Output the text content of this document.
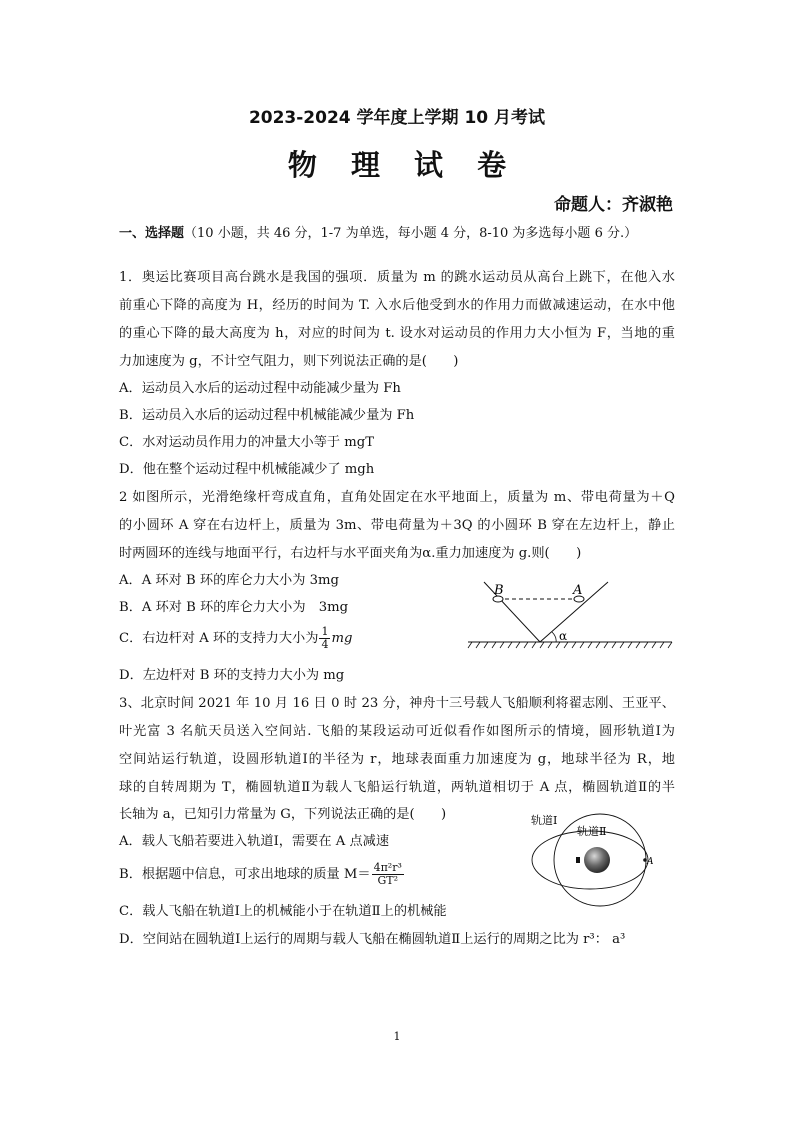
2023-2024 学年度上学期 10 月考试
物 理 试 卷
命题人：齐淑艳
一、选择题（10 小题，共 46 分，1-7 为单选，每小题 4 分，8-10 为多选每小题 6 分.）
1．奥运比赛项目高台跳水是我国的强项．质量为 m 的跳水运动员从高台上跳下，在他入水
前重心下降的高度为 H，经历的时间为 T. 入水后他受到水的作用力而做减速运动，在水中他
的重心下降的最大高度为 h，对应的时间为 t. 设水对运动员的作用力大小恒为 F，当地的重
力加速度为 g，不计空气阻力，则下列说法正确的是(　　)
A．运动员入水后的运动过程中动能减少量为 Fh
B．运动员入水后的运动过程中机械能减少量为 Fh
C．水对运动员作用力的冲量大小等于 mgT
D．他在整个运动过程中机械能减少了 mgh
2 如图所示，光滑绝缘杆弯成直角，直角处固定在水平地面上，质量为 m、带电荷量为＋Q
的小圆环 A 穿在右边杆上，质量为 3m、带电荷量为＋3Q 的小圆环 B 穿在左边杆上，静止
时两圆环的连线与地面平行，右边杆与水平面夹角为α.重力加速度为 g.则(　　)
A．A 环对 B 环的库仑力大小为 3mg
B．A 环对 B 环的库仑力大小为　3mg
C．右边杆对 A 环的支持力大小为 $\frac{1}{4}$ mg
D．左边杆对 B 环的支持力大小为 mg
B	A
α
3、北京时间 2021 年 10 月 16 日 0 时 23 分，神舟十三号载人飞船顺利将翟志刚、王亚平、
叶光富 3 名航天员送入空间站. 飞船的某段运动可近似看作如图所示的情境，圆形轨道Ⅰ为
空间站运行轨道，设圆形轨道Ⅰ的半径为 r，地球表面重力加速度为 g，地球半径为 R，地
球的自转周期为 T，椭圆轨道Ⅱ为载人飞船运行轨道，两轨道相切于 A 点，椭圆轨道Ⅱ的半
长轴为 a，已知引力常量为 G，下列说法正确的是(　　)
A．载人飞船若要进入轨道Ⅰ，需要在 A 点减速
B．根据题中信息，可求出地球的质量 $M= \frac{\text{4π²r³}}{\text{GT²}}$
C．载人飞船在轨道Ⅰ上的机械能小于在轨道Ⅱ上的机械能
D．空间站在圆轨道Ⅰ上运行的周期与载人飞船在椭圆轨道Ⅱ上运行的周期之比为 r³： a³
轨道Ⅰ
轨道Ⅱ
A
1
